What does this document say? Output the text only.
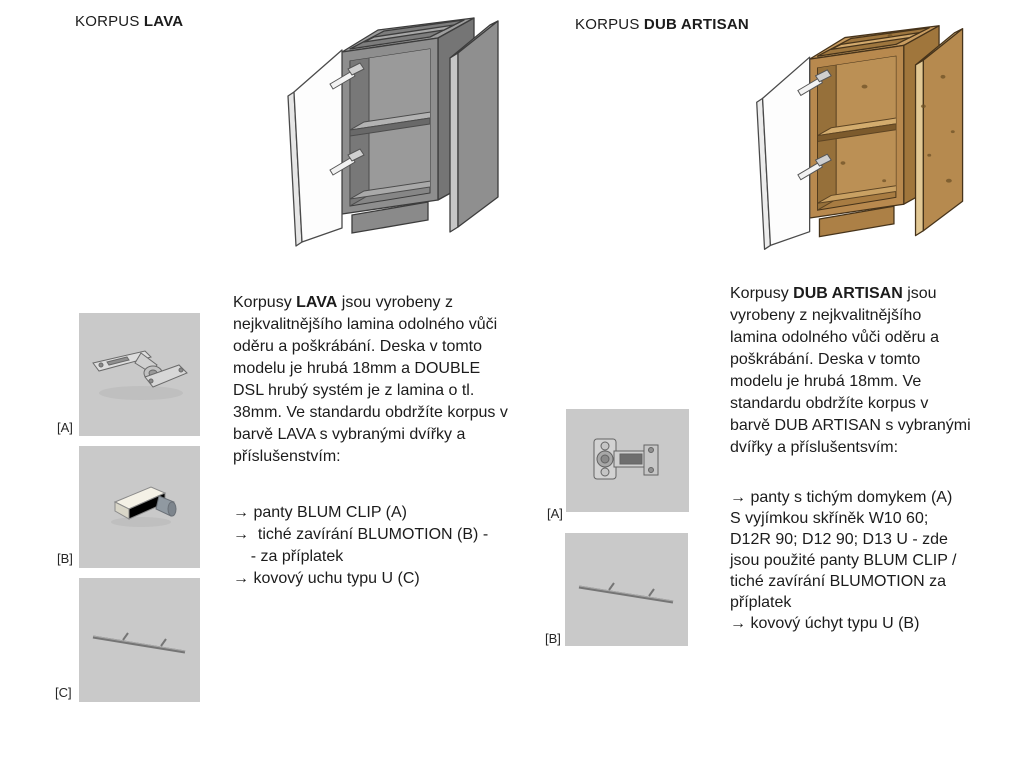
KORPUS LAVA
[A]
[B]
[C]
Korpusy LAVA jsou vyrobeny z nejkvalitnějšího lamina odolného vůči oděru a poškrábání. Deska v tomto modelu je hrubá 18mm a DOUBLE DSL hrubý systém je z lamina o tl. 38mm. Ve standardu obdržíte korpus v barvě LAVA s vybranými dvířky a příslušenstvím:
→ panty BLUM CLIP (A)
→  tiché zavírání BLUMOTION (B) -
- za příplatek
→ kovový uchu typu U (C)
KORPUS DUB ARTISAN
Korpusy DUB ARTISAN jsou vyrobeny z nejkvalitnějšího lamina odolného vůči oděru a poškrábání. Deska v tomto modelu je hrubá 18mm. Ve standardu obdržíte korpus v barvě DUB ARTISAN s vybranými dvířky a příslušentsvím:
→ panty s tichým domykem (A)
S vyjímkou skříněk W10 60;
D12R 90; D12 90; D13 U - zde
jsou použité panty BLUM CLIP /
tiché zavírání BLUMOTION za
příplatek
→ kovový úchyt typu U (B)
[A]
[B]
